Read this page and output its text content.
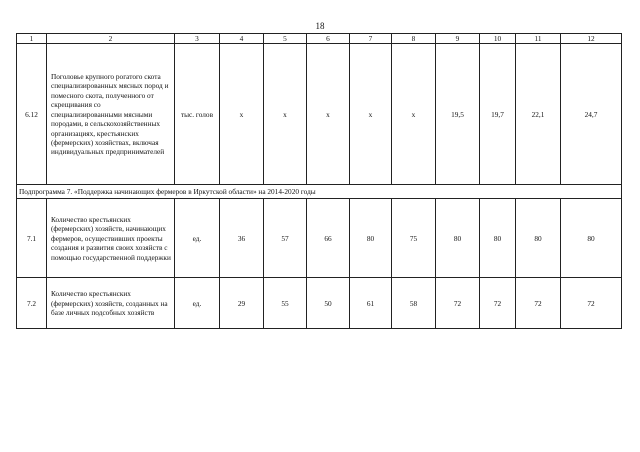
18
1	2	3	4	5	6	7	8	9	10	11	12
6.12	Поголовье крупного рогатого скота специализированных мясных пород и помесного скота, полученного от скрещивания со специализированными мясными породами, в сельскохозяйственных организациях, крестьянских (фермерских) хозяйствах, включая индивидуальных предпринимателей	тыс. голов	х	х	х	х	х	19,5	19,7	22,1	24,7
Подпрограмма 7. «Поддержка начинающих фермеров в Иркутской области» на 2014-2020 годы											
7.1	Количество крестьянских (фермерских) хозяйств, начинающих фермеров, осуществивших проекты создания и развития своих хозяйств с помощью государственной поддержки	ед.	36	57	66	80	75	80	80	80	80
7.2	Количество крестьянских (фермерских) хозяйств, созданных на базе личных подсобных хозяйств	ед.	29	55	50	61	58	72	72	72	72
